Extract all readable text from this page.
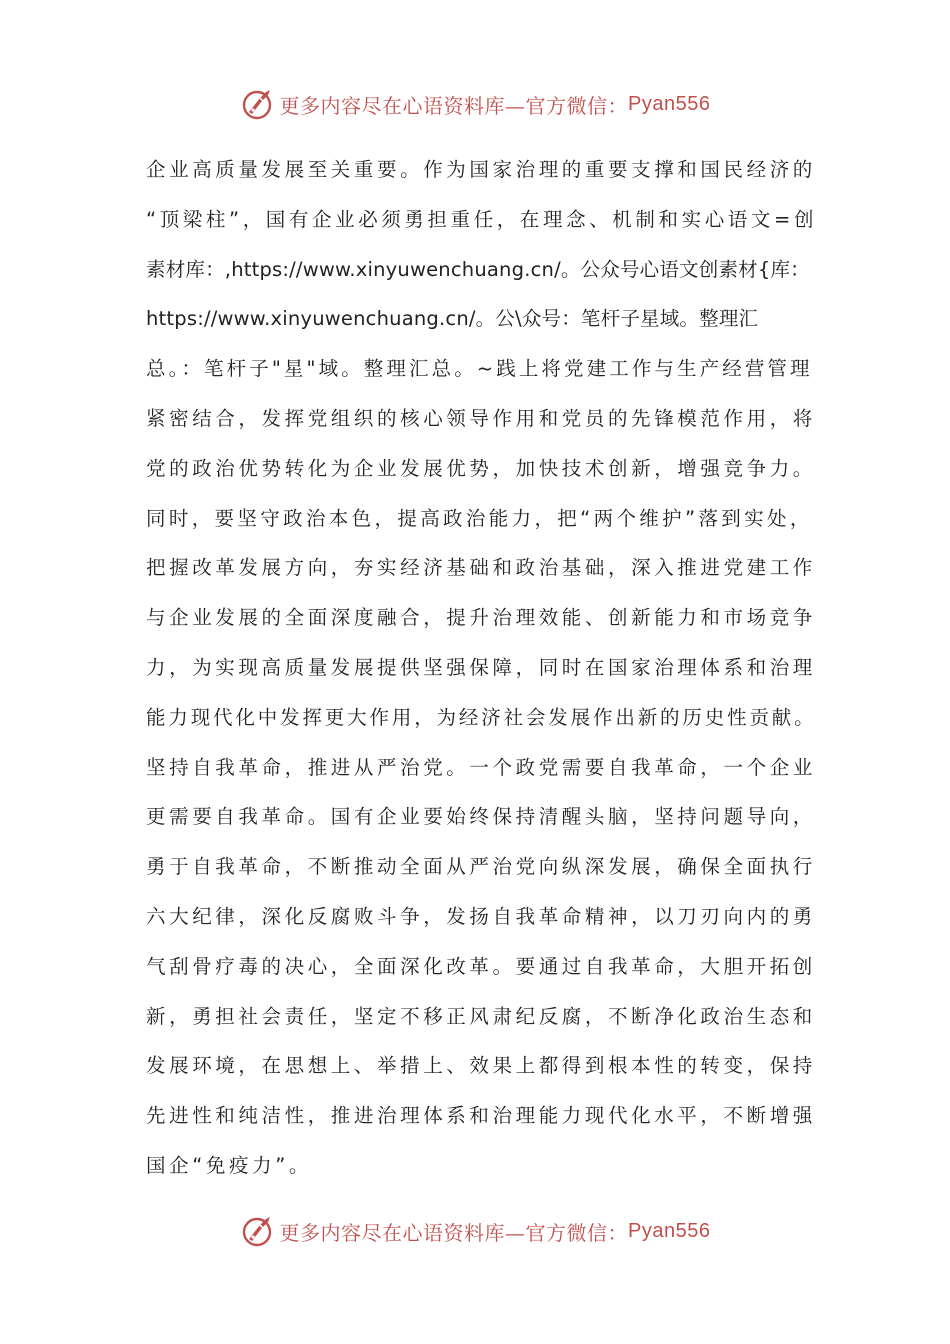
更多内容尽在心语资料库—官方微信： Pyan556
企业高质量发展至关重要。作为国家治理的重要支撑和国民经济的
“顶梁柱”，国有企业必须勇担重任，在理念、机制和实心语文=创
素材库：,https://www.xinyuwenchuang.cn/。公众号心语文创素材{库：
https://www.xinyuwenchuang.cn/。公\众号：笔杆子星域。整理汇
总。：笔杆子"星"域。整理汇总。~践上将党建工作与生产经营管理
紧密结合，发挥党组织的核心领导作用和党员的先锋模范作用，将
党的政治优势转化为企业发展优势，加快技术创新，增强竞争力。
同时，要坚守政治本色，提高政治能力，把“两个维护”落到实处，
把握改革发展方向，夯实经济基础和政治基础，深入推进党建工作
与企业发展的全面深度融合，提升治理效能、创新能力和市场竞争
力，为实现高质量发展提供坚强保障，同时在国家治理体系和治理
能力现代化中发挥更大作用，为经济社会发展作出新的历史性贡献。
坚持自我革命，推进从严治党。一个政党需要自我革命，一个企业
更需要自我革命。国有企业要始终保持清醒头脑，坚持问题导向，
勇于自我革命，不断推动全面从严治党向纵深发展，确保全面执行
六大纪律，深化反腐败斗争，发扬自我革命精神，以刀刃向内的勇
气刮骨疗毒的决心，全面深化改革。要通过自我革命，大胆开拓创
新，勇担社会责任，坚定不移正风肃纪反腐，不断净化政治生态和
发展环境，在思想上、举措上、效果上都得到根本性的转变，保持
先进性和纯洁性，推进治理体系和治理能力现代化水平，不断增强
国企“免疫力”。
更多内容尽在心语资料库—官方微信： Pyan556
